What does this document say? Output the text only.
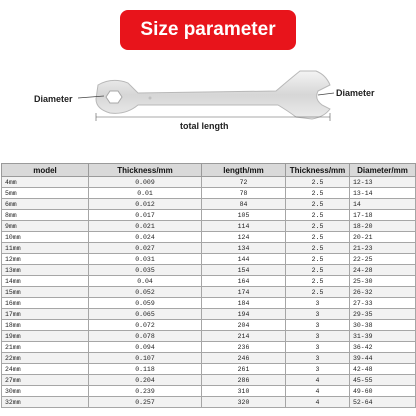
Size parameter
Diameter
Diameter
total length
model	Thickness/mm	length/mm	Thickness/mm	Diameter/mm
4mm	0.009	72	2.5	12-13
5mm	0.01	78	2.5	13-14
6mm	0.012	84	2.5	14
8mm	0.017	105	2.5	17-18
9mm	0.021	114	2.5	18-20
10mm	0.024	124	2.5	20-21
11mm	0.027	134	2.5	21-23
12mm	0.031	144	2.5	22-25
13mm	0.035	154	2.5	24-28
14mm	0.04	164	2.5	25-30
15mm	0.052	174	2.5	26-32
16mm	0.059	184	3	27-33
17mm	0.065	194	3	29-35
18mm	0.072	204	3	30-38
19mm	0.078	214	3	31-39
21mm	0.094	236	3	36-42
22mm	0.107	246	3	39-44
24mm	0.118	261	3	42-48
27mm	0.204	286	4	45-55
30mm	0.239	310	4	49-60
32mm	0.257	320	4	52-64
